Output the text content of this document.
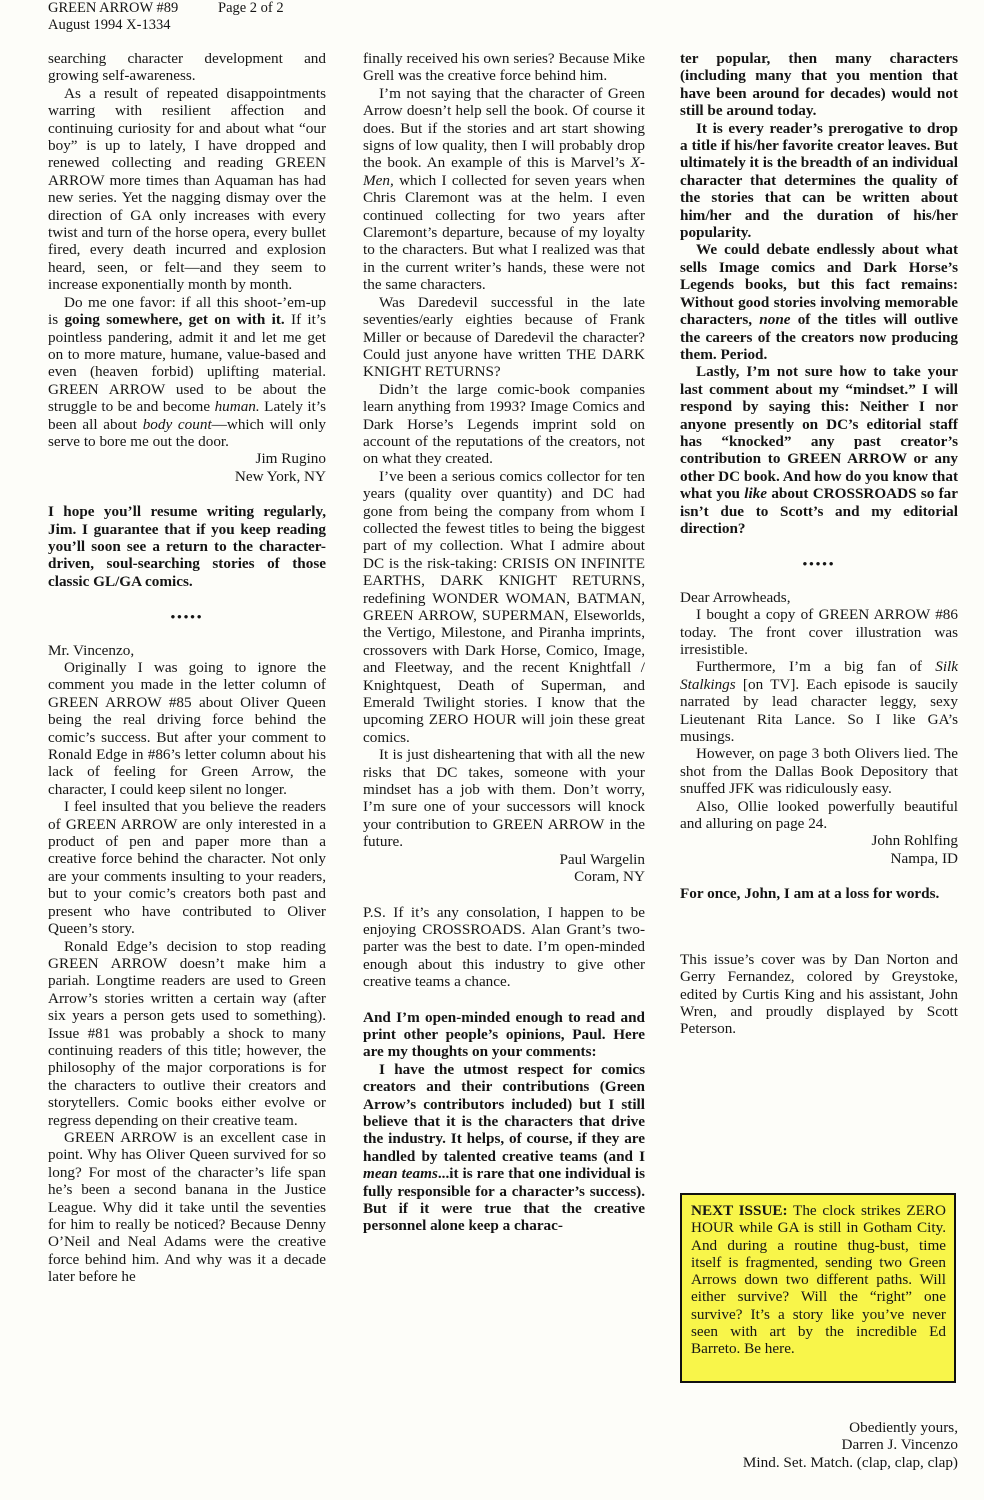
GREEN ARROW #89	Page 2 of 2
August 1994 X-1334

searching character development and growing self-awareness.

As a result of repeated disappointments warring with resilient affection and continuing curiosity for and about what “our boy” is up to lately, I have dropped and renewed collecting and reading GREEN ARROW more times than Aquaman has had new series. Yet the nagging dismay over the direction of GA only increases with every twist and turn of the horse opera, every bullet fired, every death incurred and explosion heard, seen, or felt—and they seem to increase exponentially month by month.

Do me one favor: if all this shoot-’em-up is going somewhere, get on with it. If it’s pointless pandering, admit it and let me get on to more mature, humane, value-based and even (heaven forbid) uplifting material. GREEN ARROW used to be about the struggle to be and become human. Lately it’s been all about body count—which will only serve to bore me out the door.

Jim Rugino

New York, NY

I hope you’ll resume writing regularly, Jim. I guarantee that if you keep reading you’ll soon see a return to the character-driven, soul-searching stories of those classic GL/GA comics.

•••••

Mr. Vincenzo,

Originally I was going to ignore the comment you made in the letter column of GREEN ARROW #85 about Oliver Queen being the real driving force behind the comic’s success. But after your comment to Ronald Edge in #86’s letter column about his lack of feeling for Green Arrow, the character, I could keep silent no longer.

I feel insulted that you believe the readers of GREEN ARROW are only interested in a product of pen and paper more than a creative force behind the character. Not only are your comments insulting to your readers, but to your comic’s creators both past and present who have contributed to Oliver Queen’s story.

Ronald Edge’s decision to stop reading GREEN ARROW doesn’t make him a pariah. Longtime readers are used to Green Arrow’s stories written a certain way (after six years a person gets used to something). Issue #81 was probably a shock to many continuing readers of this title; however, the philosophy of the major corporations is for the characters to outlive their creators and storytellers. Comic books either evolve or regress depending on their creative team.

GREEN ARROW is an excellent case in point. Why has Oliver Queen survived for so long? For most of the character’s life span he’s been a second banana in the Justice League. Why did it take until the seventies for him to really be noticed? Because Denny O’Neil and Neal Adams were the creative force behind him. And why was it a decade later before he

finally received his own series? Because Mike Grell was the creative force behind him.

I’m not saying that the character of Green Arrow doesn’t help sell the book. Of course it does. But if the stories and art start showing signs of low quality, then I will probably drop the book. An example of this is Marvel’s X-Men, which I collected for seven years when Chris Claremont was at the helm. I even continued collecting for two years after Claremont’s departure, because of my loyalty to the characters. But what I realized was that in the current writer’s hands, these were not the same characters.

Was Daredevil successful in the late seventies/early eighties because of Frank Miller or because of Daredevil the character? Could just anyone have written THE DARK KNIGHT RETURNS?

Didn’t the large comic-book companies learn anything from 1993? Image Comics and Dark Horse’s Legends imprint sold on account of the reputations of the creators, not on what they created.

I’ve been a serious comics collector for ten years (quality over quantity) and DC had gone from being the company from whom I collected the fewest titles to being the biggest part of my collection. What I admire about DC is the risk-taking: CRISIS ON INFINITE EARTHS, DARK KNIGHT RETURNS, redefining WONDER WOMAN, BATMAN, GREEN ARROW, SUPERMAN, Elseworlds, the Vertigo, Milestone, and Piranha imprints, crossovers with Dark Horse, Comico, Image, and Fleetway, and the recent Knightfall / Knightquest, Death of Superman, and Emerald Twilight stories. I know that the upcoming ZERO HOUR will join these great comics.

It is just disheartening that with all the new risks that DC takes, someone with your mindset has a job with them. Don’t worry, I’m sure one of your successors will knock your contribution to GREEN ARROW in the future.

Paul Wargelin

Coram, NY

P.S. If it’s any consolation, I happen to be enjoying CROSSROADS. Alan Grant’s two-parter was the best to date. I’m open-minded enough about this industry to give other creative teams a chance.

And I’m open-minded enough to read and print other people’s opinions, Paul. Here are my thoughts on your comments:

I have the utmost respect for comics creators and their contributions (Green Arrow’s contributors included) but I still believe that it is the characters that drive the industry. It helps, of course, if they are handled by talented creative teams (and I mean teams...it is rare that one individual is fully responsible for a character’s success). But if it were true that the creative personnel alone keep a charac-

ter popular, then many characters (including many that you mention that have been around for decades) would not still be around today.

It is every reader’s prerogative to drop a title if his/her favorite creator leaves. But ultimately it is the breadth of an individual character that determines the quality of the stories that can be written about him/her and the duration of his/her popularity.

We could debate endlessly about what sells Image comics and Dark Horse’s Legends books, but this fact remains: Without good stories involving memorable characters, none of the titles will outlive the careers of the creators now producing them. Period.

Lastly, I’m not sure how to take your last comment about my “mindset.” I will respond by saying this: Neither I nor anyone presently on DC’s editorial staff has “knocked” any past creator’s contribution to GREEN ARROW or any other DC book. And how do you know that what you like about CROSSROADS so far isn’t due to Scott’s and my editorial direction?

•••••

Dear Arrowheads,

I bought a copy of GREEN ARROW #86 today. The front cover illustration was irresistible.

Furthermore, I’m a big fan of Silk Stalkings [on TV]. Each episode is saucily narrated by lead character leggy, sexy Lieutenant Rita Lance. So I like GA’s musings.

However, on page 3 both Olivers lied. The shot from the Dallas Book Depository that snuffed JFK was ridiculously easy.

Also, Ollie looked powerfully beautiful and alluring on page 24.

John Rohlfing

Nampa, ID

For once, John, I am at a loss for words.

This issue’s cover was by Dan Norton and Gerry Fernandez, colored by Greystoke, edited by Curtis King and his assistant, John Wren, and proudly displayed by Scott Peterson.

NEXT ISSUE: The clock strikes ZERO HOUR while GA is still in Gotham City. And during a routine thug-bust, time itself is fragmented, sending two Green Arrows down two different paths. Will either survive? Will the “right” one survive? It’s a story like you’ve never seen with art by the incredible Ed Barreto. Be here.
Obediently yours,
Darren J. Vincenzo
Mind. Set. Match. (clap, clap, clap)
